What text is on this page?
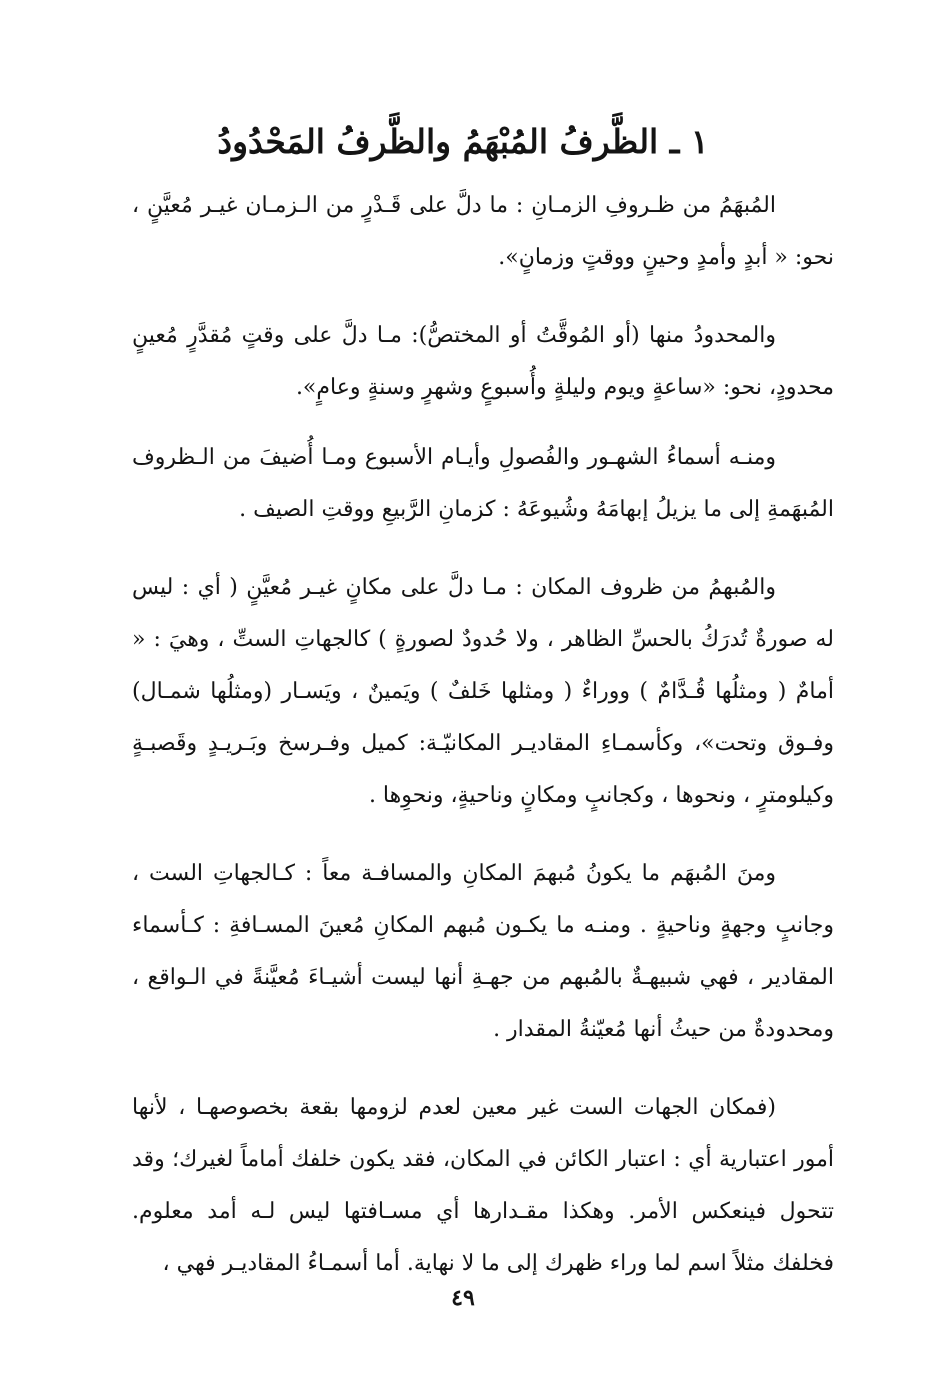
١ ـ الظَّرفُ المُبْهَمُ والظَّرفُ المَحْدُودُ

المُبهَمُ من ظـروفِ الزمـانِ : ما دلَّ على قَـدْرٍ من الـزمـان غيـر مُعيَّنٍ ، نحو: « أبدٍ وأمدٍ وحينٍ ووقتٍ وزمانٍ».

والمحدودُ منها (أو المُوقَّتُ أو المختصُّ): مـا دلَّ على وقتٍ مُقدَّرٍ مُعينٍ محدودٍ، نحو: «ساعةٍ ويوم وليلةٍ وأُسبوعٍ وشهرٍ وسنةٍ وعامٍ».

ومنـه أسماءُ الشهـور والفُصولِ وأيـام الأسبوع ومـا أُضيفَ من الـظروف المُبهَمةِ إلى ما يزيلُ إبهامَهُ وشُيوعَهُ : كزمانِ الرَّبيعِ ووقتِ الصيف .

والمُبهمُ من ظروف المكان : مـا دلَّ على مكانٍ غيـر مُعيَّنٍ ( أي : ليس له صورةٌ تُدرَكُ بالحسِّ الظاهر ، ولا حُدودٌ لصورةٍ ) كالجهاتِ الستِّ ، وهيَ : « أمامٌ ( ومثلُها قُـدَّامٌ ) ووراءٌ ( ومثلها خَلفٌ ) ويَمينٌ ، ويَسـار (ومثلُها شمـال) وفـوق وتحت»، وكأسمـاءِ المقاديـر المكانيّـة: كميل وفـرسخ وبَـريـدٍ وقَصبـةٍ وكيلومترٍ ، ونحوها ، وكجانبٍ ومكانٍ وناحيةٍ، ونحوِها .

ومنَ المُبهَم ما يكونُ مُبهمَ المكانِ والمسافـة معاً : كـالجهاتِ الست ، وجانبٍ وجهةٍ وناحيةٍ . ومنـه ما يكـون مُبهم المكانِ مُعينَ المسـافةِ : كـأسماء المقادير ، فهي شبيهـةٌ بالمُبهم من جهـةِ أنها ليست أشيـاءَ مُعيَّنةً في الـواقع ، ومحدودةٌ من حيثُ أنها مُعيّنةُ المقدار .

(فمكان الجهات الست غير معين لعدم لزومها بقعة بخصوصهـا ، لأنها أمور اعتبارية أي : اعتبار الكائن في المكان، فقد يكون خلفك أماماً لغيرك؛ وقد تتحول فينعكس الأمر. وهكذا مقـدارها أي مسـافتها ليس لـه أمد معلوم. فخلفك مثلاً اسم لما وراء ظهرك إلى ما لا نهاية. أما أسمـاءُ المقاديـر فهي ،

٤٩
